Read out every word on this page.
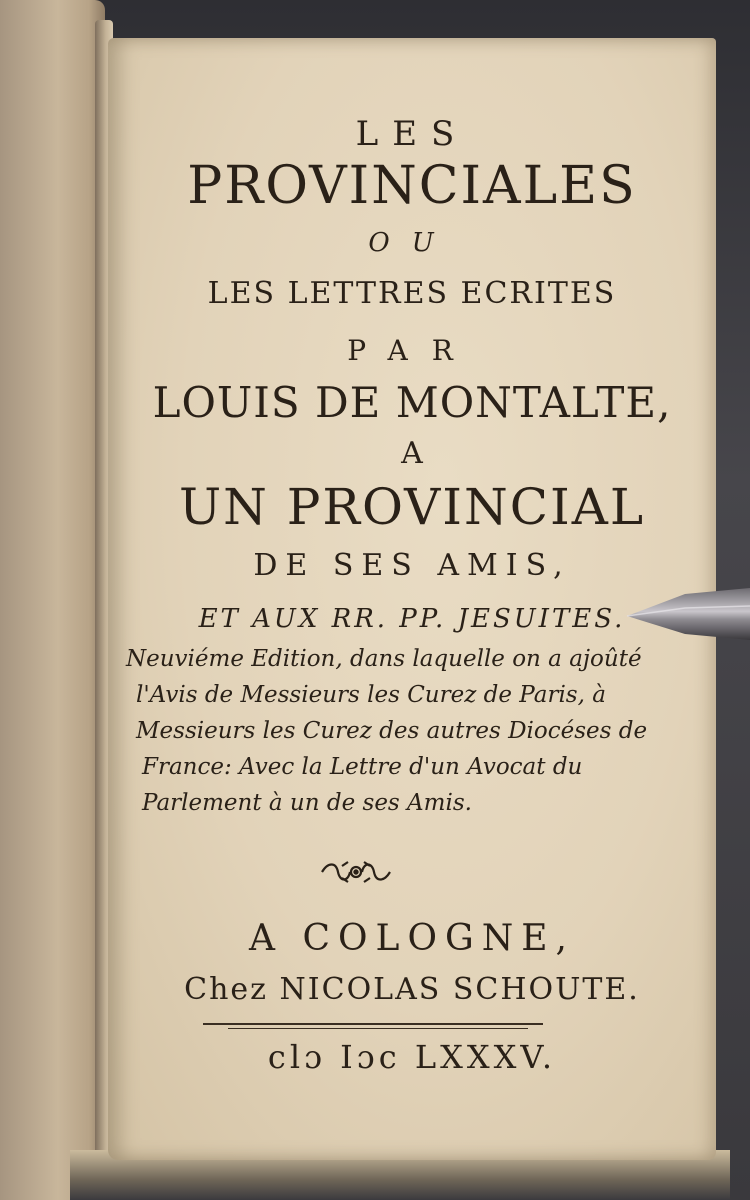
LES
PROVINCIALES
OU
LES LETTRES ECRITES
PAR
LOUIS DE MONTALTE,
A
UN PROVINCIAL
DE SES AMIS,
ET AUX RR. PP. JESUITES.
Neuviéme Edition, dans laquelle on a ajoûté
l'Avis de Messieurs les Curez de Paris, à
Messieurs les Curez des autres Diocéses de
France: Avec la Lettre d'un Avocat du
Parlement à un de ses Amis.
A COLOGNE,
Chez NICOLAS SCHOUTE.
clɔ Iɔc LXXXV.
